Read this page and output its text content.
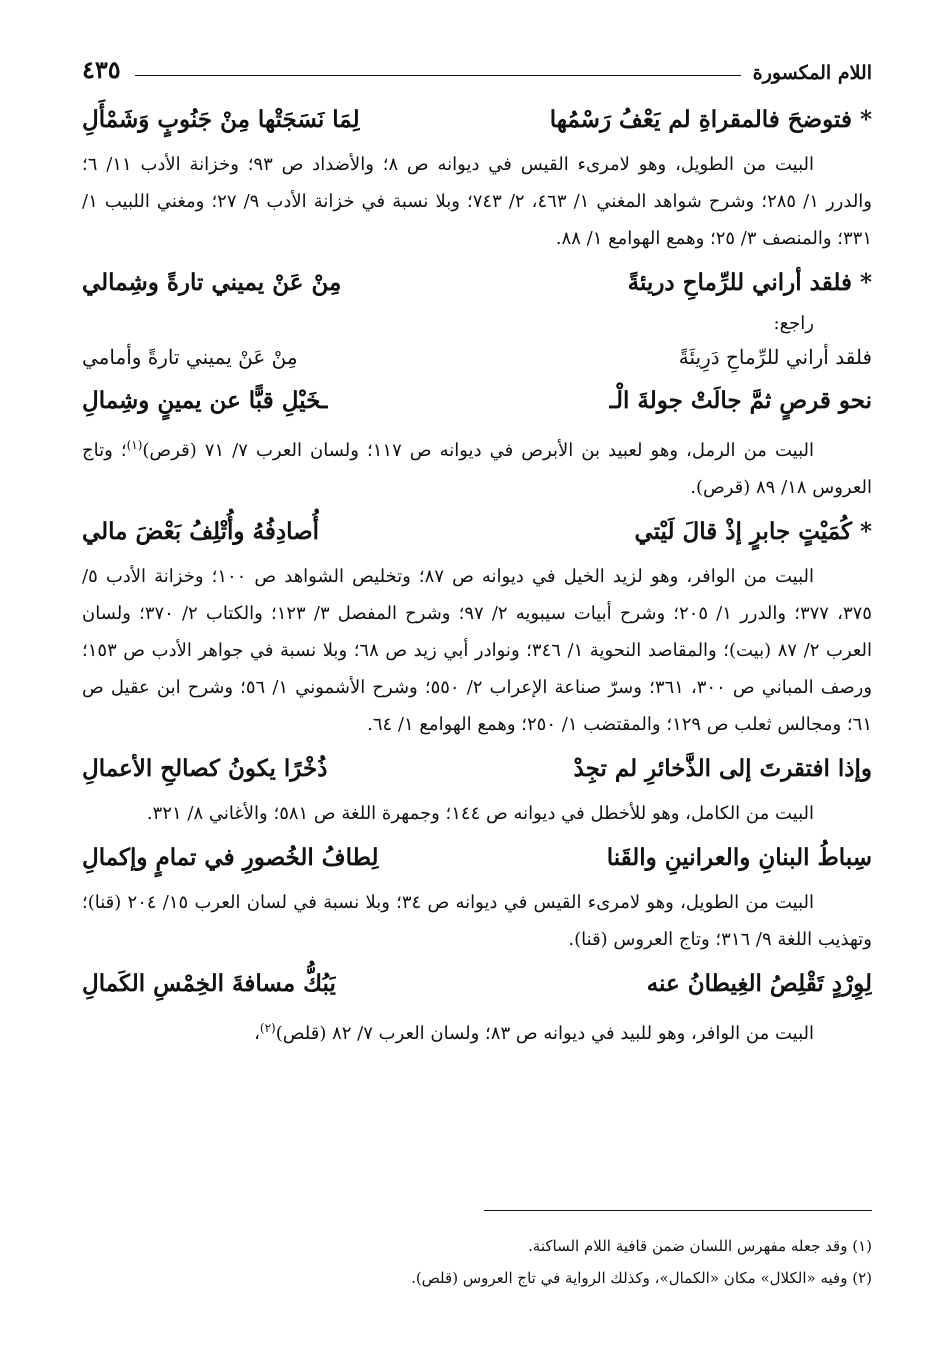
اللام المكسورة
٤٣٥
*فتوضحَ فالمقراةِ لم يَعْفُ رَسْمُها
لِمَا نَسَجَتْها مِنْ جَنُوبٍ وَشَمْأَلِ

البيت من الطويل، وهو لامرىء القيس في ديوانه ص ٨؛ والأضداد ص ٩٣؛ وخزانة الأدب ١١/ ٦؛ والدرر ١/ ٢٨٥؛ وشرح شواهد المغني ١/ ٤٦٣، ٢/ ٧٤٣؛ وبلا نسبة في خزانة الأدب ٩/ ٢٧؛ ومغني اللبيب ١/ ٣٣١؛ والمنصف ٣/ ٢٥؛ وهمع الهوامع ١/ ٨٨.

*فلقد أراني للرِّماحِ دريئةً
مِنْ عَنْ يميني تارةً وشِمالي
راجع:
فلقد أراني للرِّماحِ دَرِيئَةً
مِنْ عَنْ يميني تارةً وأمامي
نحو قرصٍ ثمَّ جالَتْ جولةَ الْـ
ـخَيْلِ قبًّا عن يمينٍ وشِمالِ

البيت من الرمل، وهو لعبيد بن الأبرص في ديوانه ص ١١٧؛ ولسان العرب ٧/ ٧١ (قرص)$^{(١)}$؛ وتاج العروس ١٨/ ٨٩ (قرص).

*كُمَيْتٍ جابرٍ إذْ قالَ لَيْتي
أُصادِفُهُ وأُتْلِفُ بَعْضَ مالي

البيت من الوافر، وهو لزيد الخيل في ديوانه ص ٨٧؛ وتخليص الشواهد ص ١٠٠؛ وخزانة الأدب ٥/ ٣٧٥، ٣٧٧؛ والدرر ١/ ٢٠٥؛ وشرح أبيات سيبويه ٢/ ٩٧؛ وشرح المفصل ٣/ ١٢٣؛ والكتاب ٢/ ٣٧٠؛ ولسان العرب ٢/ ٨٧ (بيت)؛ والمقاصد النحوية ١/ ٣٤٦؛ ونوادر أبي زيد ص ٦٨؛ وبلا نسبة في جواهر الأدب ص ١٥٣؛ ورصف المباني ص ٣٠٠، ٣٦١؛ وسرّ صناعة الإعراب ٢/ ٥٥٠؛ وشرح الأشموني ١/ ٥٦؛ وشرح ابن عقيل ص ٦١؛ ومجالس ثعلب ص ١٢٩؛ والمقتضب ١/ ٢٥٠؛ وهمع الهوامع ١/ ٦٤.

وإذا افتقرتَ إلى الذَّخائرِ لم تجِدْ
ذُخْرًا يكونُ كصالحِ الأعمالِ

البيت من الكامل، وهو للأخطل في ديوانه ص ١٤٤؛ وجمهرة اللغة ص ٥٨١؛ والأغاني ٨/ ٣٢١.

سِباطُ البنانِ والعرانينِ والقَنا
لِطافُ الخُصورِ في تمامٍ وإكمالِ

البيت من الطويل، وهو لامرىء القيس في ديوانه ص ٣٤؛ وبلا نسبة في لسان العرب ١٥/ ٢٠٤ (قنا)؛ وتهذيب اللغة ٩/ ٣١٦؛ وتاج العروس (قنا).

لِوِرْدٍ تَقْلِصُ الغِيطانُ عنه
يَبُكُّ مسافةَ الخِمْسِ الكَمالِ

البيت من الوافر، وهو للبيد في ديوانه ص ٨٣؛ ولسان العرب ٧/ ٨٢ (قلص)$^{(٢)}$،

(١) وقد جعله مفهرس اللسان ضمن قافية اللام الساكنة.
(٢) وفيه «الكلال» مكان «الكمال»، وكذلك الرواية في تاج العروس (قلص).
